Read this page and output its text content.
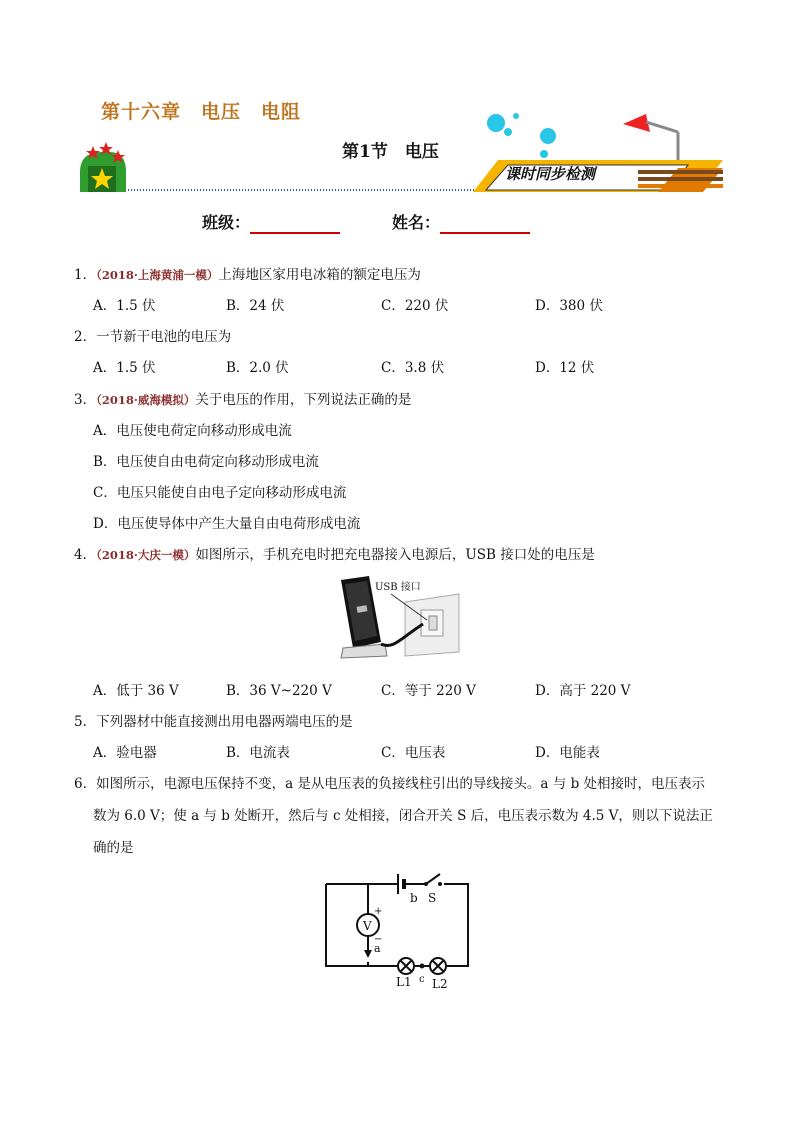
第十六章　电压　电阻
第1节　电压
课时同步检测
班级：	姓名：
1．（2018·上海黄浦一模）上海地区家用电冰箱的额定电压为
A．1.5 伏	B．24 伏	C．220 伏	D．380 伏
2．一节新干电池的电压为
A．1.5 伏	B．2.0 伏	C．3.8 伏	D．12 伏
3．（2018·威海模拟）关于电压的作用，下列说法正确的是
A．电压使电荷定向移动形成电流
B．电压使自由电荷定向移动形成电流
C．电压只能使自由电子定向移动形成电流
D．电压使导体中产生大量自由电荷形成电流
4．（2018·大庆一模）如图所示，手机充电时把充电器接入电源后，USB 接口处的电压是
USB 接口
A．低于 36 V	B．36 V~220 V	C．等于 220 V	D．高于 220 V
5．下列器材中能直接测出用电器两端电压的是
A．验电器	B．电流表	C．电压表	D．电能表
6．如图所示，电源电压保持不变，a 是从电压表的负接线柱引出的导线接头。a 与 b 处相接时，电压表示
数为 6.0 V；使 a 与 b 处断开，然后与 c 处相接，闭合开关 S 后，电压表示数为 4.5 V，则以下说法正
确的是
V
b S
+
−
a
c
L1 L2
